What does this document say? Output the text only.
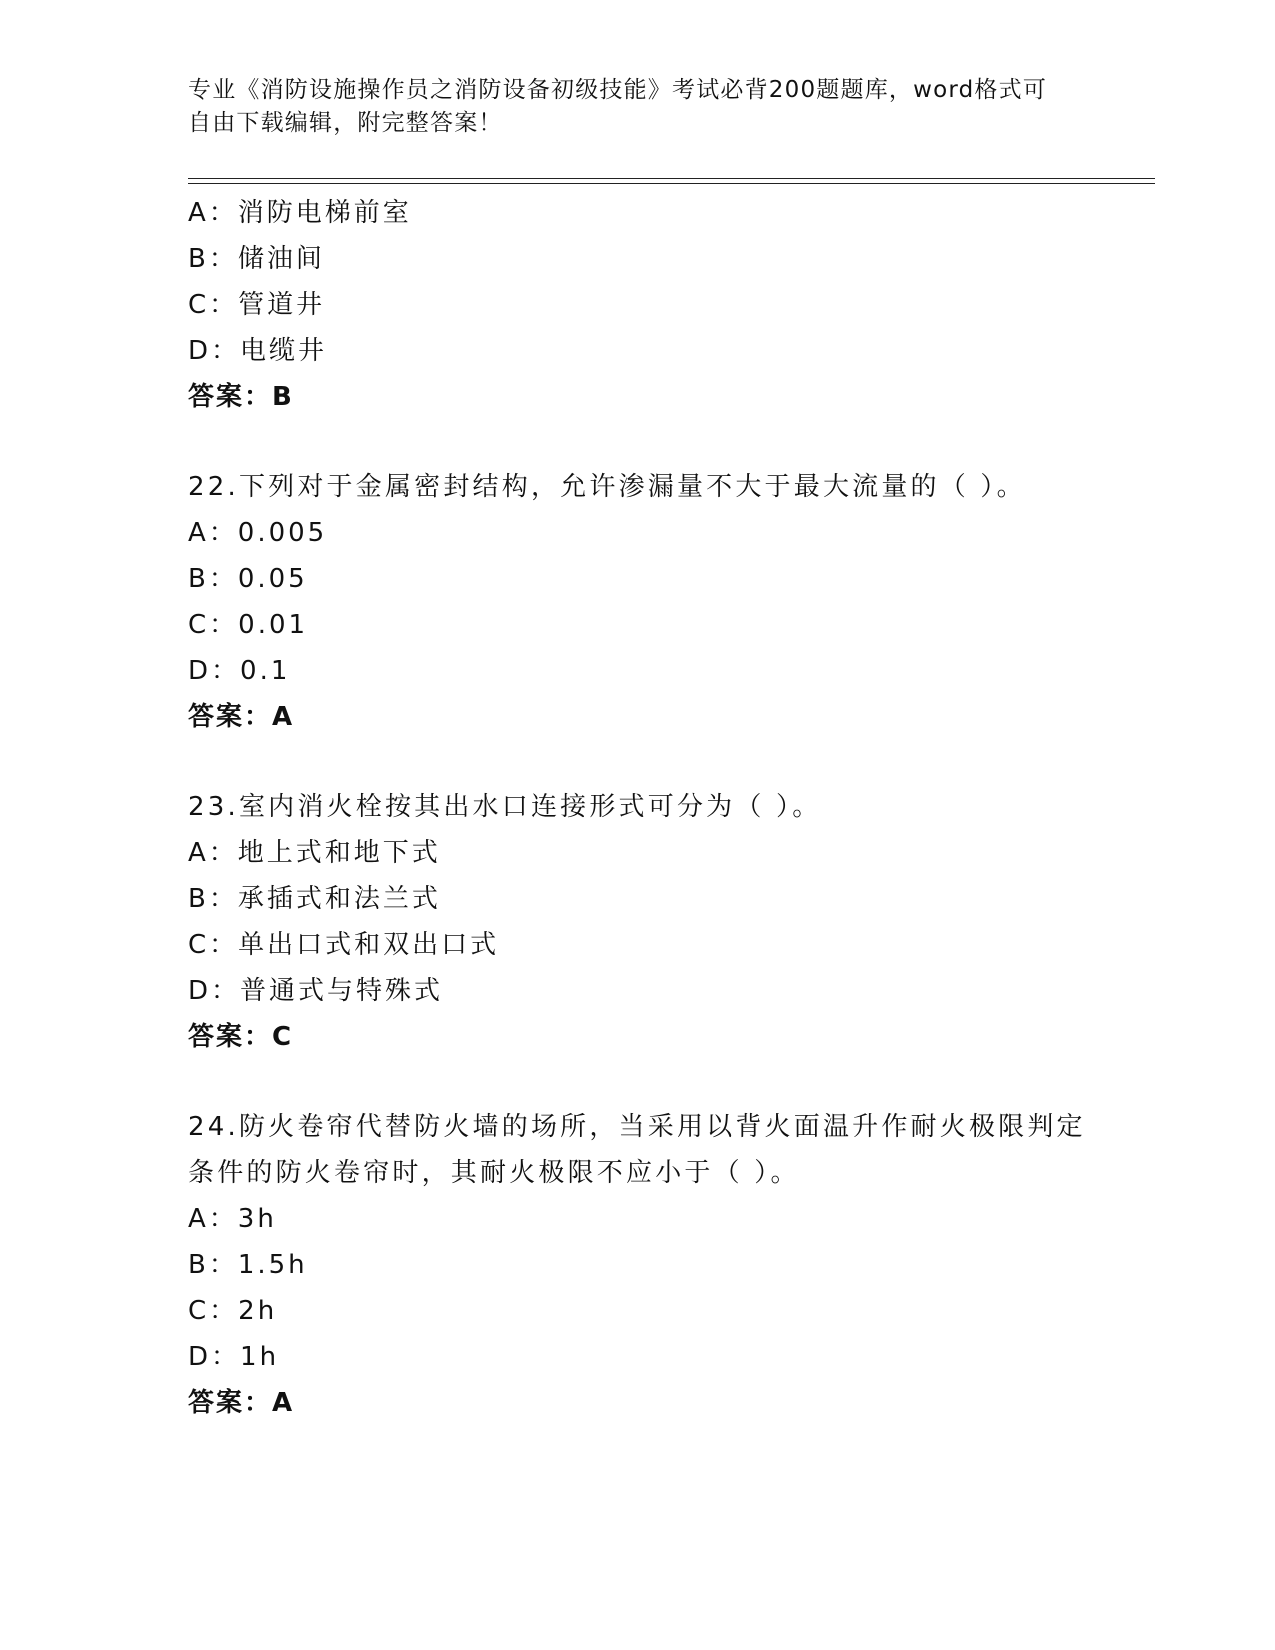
专业《消防设施操作员之消防设备初级技能》考试必背200题题库，word格式可自由下载编辑，附完整答案！
A：消防电梯前室
B：储油间
C：管道井
D：电缆井
答案：B
22.下列对于金属密封结构，允许渗漏量不大于最大流量的（ ）。
A：0.005
B：0.05
C：0.01
D：0.1
答案：A
23.室内消火栓按其出水口连接形式可分为（ ）。
A：地上式和地下式
B：承插式和法兰式
C：单出口式和双出口式
D：普通式与特殊式
答案：C
24.防火卷帘代替防火墙的场所，当采用以背火面温升作耐火极限判定条件的防火卷帘时，其耐火极限不应小于（ ）。
A：3h
B：1.5h
C：2h
D：1h
答案：A
